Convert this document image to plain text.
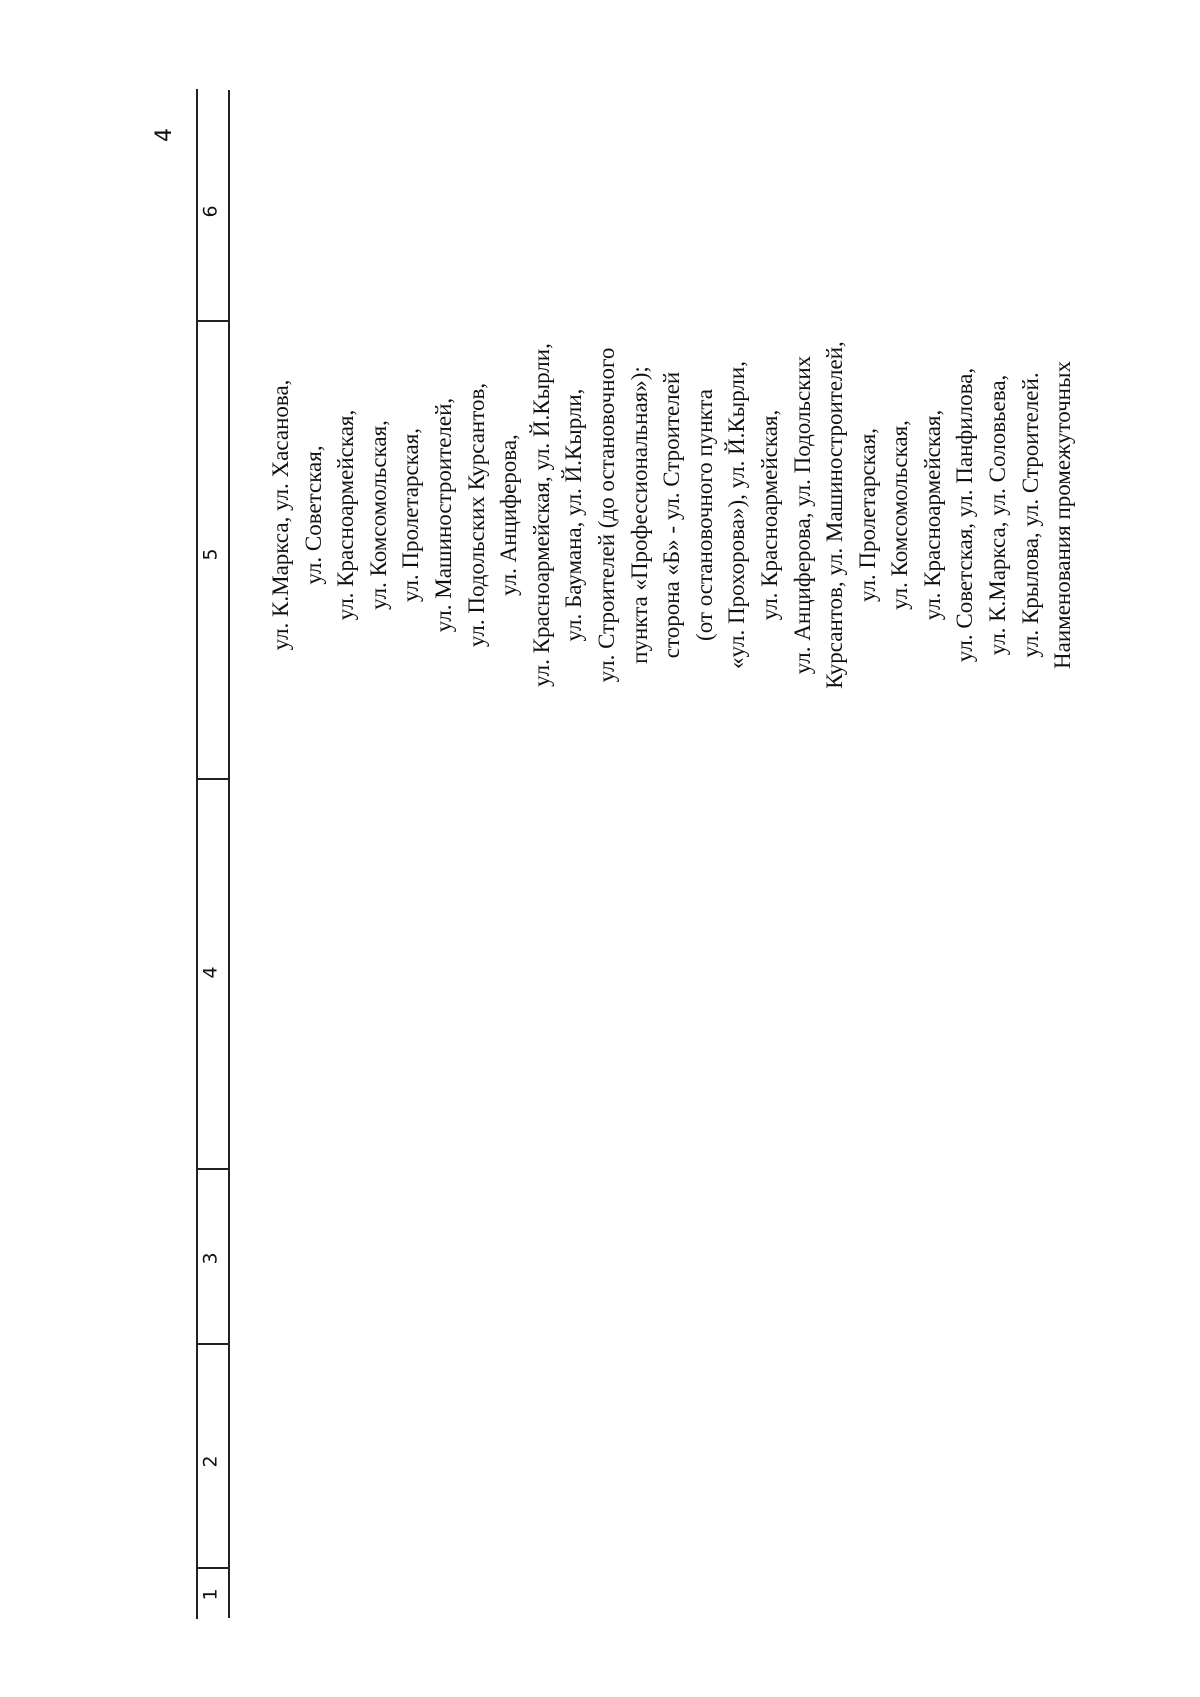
4
1
2
3
4
5
6
ул. К.Маркса, ул. Хасанова, ул. Советская, ул. Красноармейская, ул. Комсомольская, ул. Пролетарская, ул. Машиностроителей, ул. Подольских Курсантов, ул. Анциферова, ул. Красноармейская, ул. Й.Кырли, ул. Баумана, ул. Й.Кырли, ул. Строителей (до остановочного пункта «Профессиональная»); сторона «Б» - ул. Строителей (от остановочного пункта «ул. Прохорова»), ул. Й.Кырли, ул. Красноармейская, ул. Анциферова, ул. Подольских Курсантов, ул. Машиностроителей, ул. Пролетарская, ул. Комсомольская, ул. Красноармейская, ул. Советская, ул. Панфилова, ул. К.Маркса, ул. Соловьева, ул. Крылова, ул. Строителей. Наименования промежуточных
